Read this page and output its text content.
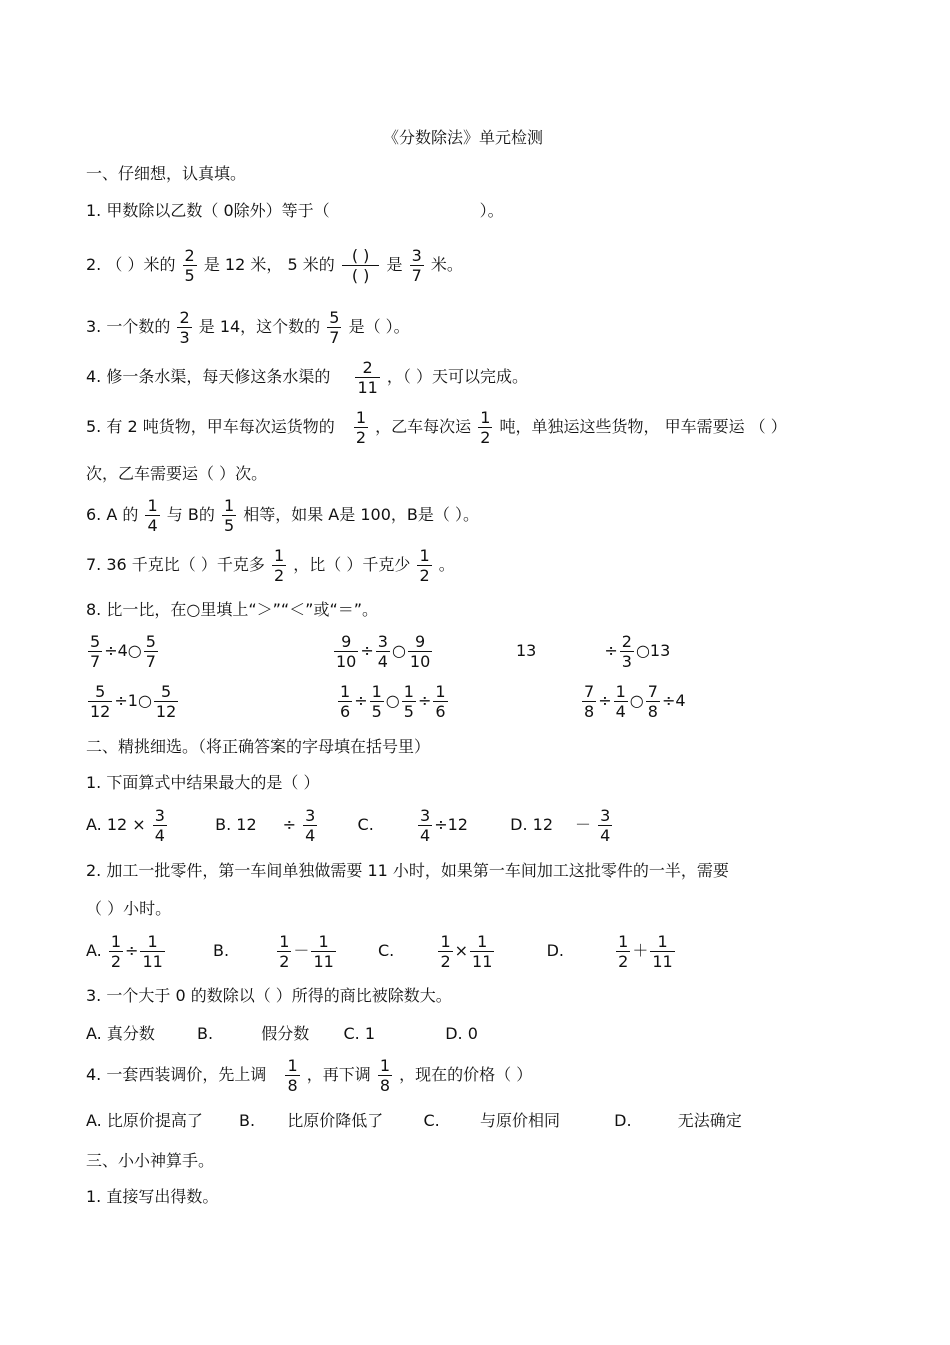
《分数除法》单元检测
一、仔细想，认真填。
1. 甲数除以乙数（ 0除外）等于（	）。
2. （ ）米的 $\frac{2}{5}$ 是 12 米， 5 米的 $\frac{( )}{( )}$ 是 $\frac{3}{7}$ 米。
3. 一个数的 $\frac{2}{3}$ 是 14，这个数的 $\frac{5}{7}$ 是（ ）。
4. 修一条水渠，每天修这条水渠的 $\frac{2}{11}$ ，（ ）天可以完成。
5. 有 2 吨货物，甲车每次运货物的 $\frac{1}{2}$ ，乙车每次运 $\frac{1}{2}$ 吨，单独运这些货物， 甲车需要运 （ ）
次，乙车需要运（ ）次。
6. A 的 $\frac{1}{4}$ 与 B的 $\frac{1}{5}$ 相等，如果 A是 100，B是（ ）。
7. 36 千克比（ ）千克多 $\frac{1}{2}$ ，比（ ）千克少 $\frac{1}{2}$ 。
8. 比一比，在○里填上“＞”“＜”或“＝”。
$\frac{5}{7}$ ÷4○ $\frac{5}{7}$	$\frac{9}{10} \div \frac{3}{4}$ ○ $\frac{9}{10}$	13	÷ $\frac{2}{3}$ ○13
$\frac{5}{12}$ ÷1○ $\frac{5}{12}$	$\frac{1}{6} \div \frac{1}{5}$ ○ $\frac{1}{5} \div \frac{1}{6}$	$\frac{7}{8} \div \frac{1}{4}$ ○ $\frac{7}{8} \div 4$
二、精挑细选。（将正确答案的字母填在括号里）
1. 下面算式中结果最大的是（ ）
A. $12 \times \frac{3}{4}$	B. $12 \div \frac{3}{4}$	C.	$\frac{3}{4} \div 12$	D. $12 - \frac{3}{4}$
2. 加工一批零件，第一车间单独做需要 11 小时，如果第一车间加工这批零件的一半，需要
（ ）小时。
A. $\frac{1}{2} \div \frac{1}{11}$	B.	$\frac{1}{2} - \frac{1}{11}$	C.	$\frac{1}{2} \times \frac{1}{11}$	D.	$\frac{1}{2} + \frac{1}{11}$
3. 一个大于 0 的数除以（ ）所得的商比被除数大。
A. 真分数	B.	假分数 C. 1	D. 0
4. 一套西装调价，先上调 $\frac{1}{8}$ ，再下调 $\frac{1}{8}$ ，现在的价格（ ）
A. 比原价提高了 B. 比原价降低了	C.	与原价相同	D.	无法确定
三、小小神算手。
1. 直接写出得数。
